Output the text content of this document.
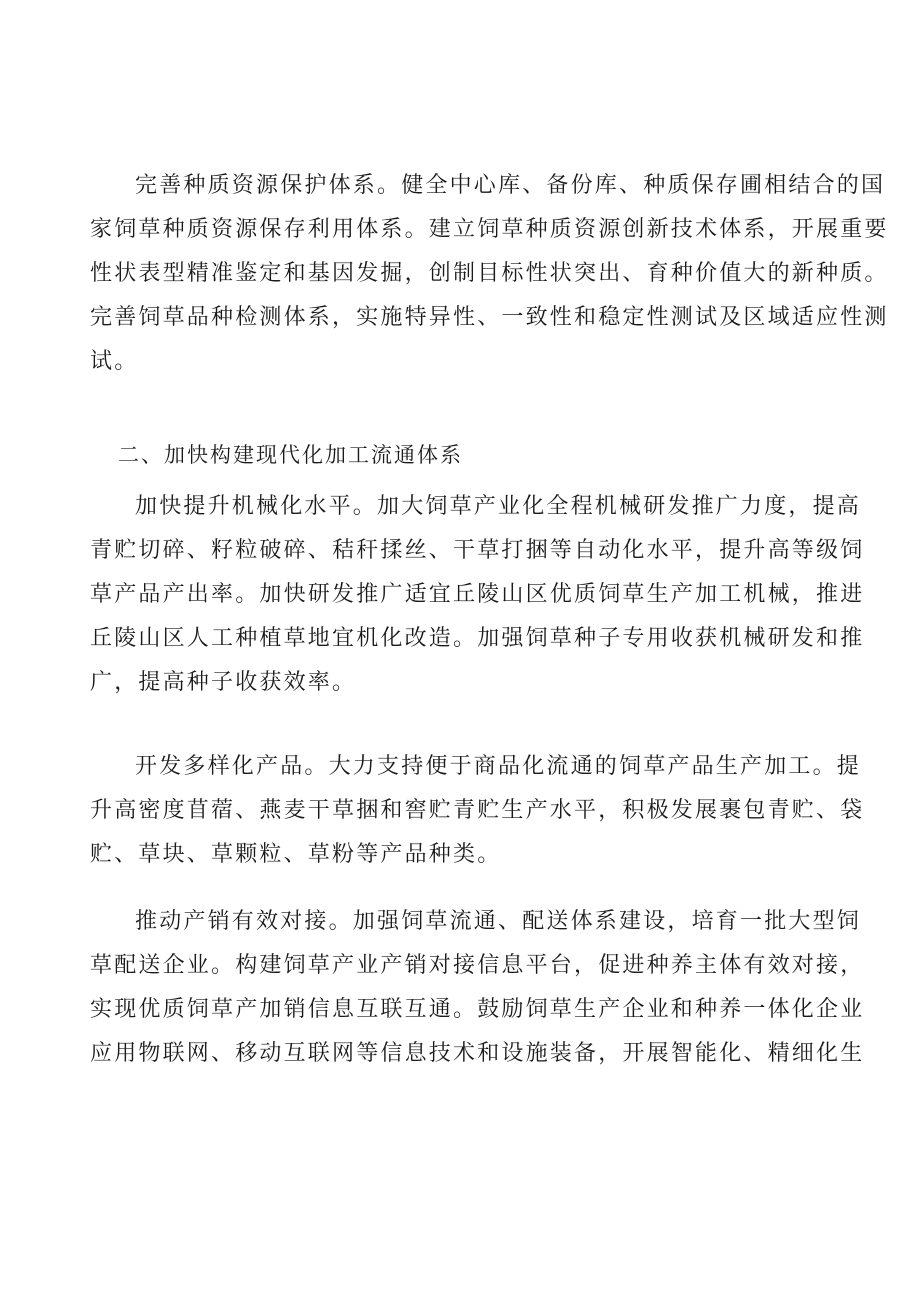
完善种质资源保护体系。健全中心库、备份库、种质保存圃相结合的国
家饲草种质资源保存利用体系。建立饲草种质资源创新技术体系，开展重要
性状表型精准鉴定和基因发掘，创制目标性状突出、育种价值大的新种质。
完善饲草品种检测体系，实施特异性、一致性和稳定性测试及区域适应性测
试。
二、加快构建现代化加工流通体系
加快提升机械化水平。加大饲草产业化全程机械研发推广力度，提高
青贮切碎、籽粒破碎、秸秆揉丝、干草打捆等自动化水平，提升高等级饲
草产品产出率。加快研发推广适宜丘陵山区优质饲草生产加工机械，推进
丘陵山区人工种植草地宜机化改造。加强饲草种子专用收获机械研发和推
广，提高种子收获效率。
开发多样化产品。大力支持便于商品化流通的饲草产品生产加工。提
升高密度苜蓿、燕麦干草捆和窖贮青贮生产水平，积极发展裹包青贮、袋
贮、草块、草颗粒、草粉等产品种类。
推动产销有效对接。加强饲草流通、配送体系建设，培育一批大型饲
草配送企业。构建饲草产业产销对接信息平台，促进种养主体有效对接，
实现优质饲草产加销信息互联互通。鼓励饲草生产企业和种养一体化企业
应用物联网、移动互联网等信息技术和设施装备，开展智能化、精细化生
